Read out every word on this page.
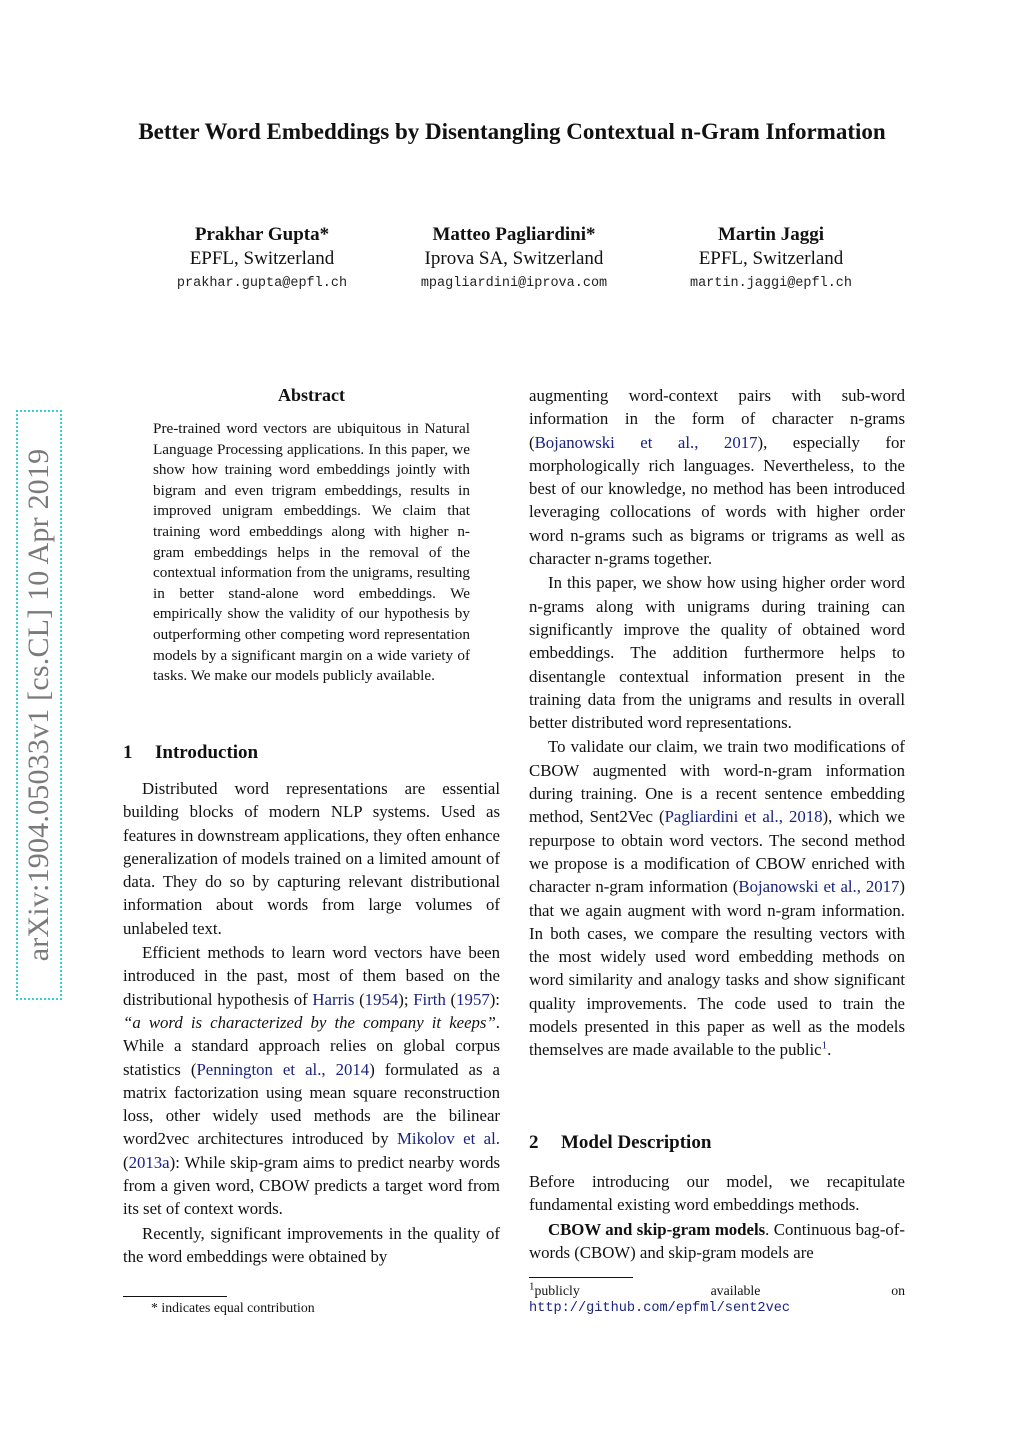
Better Word Embeddings by Disentangling Contextual n-Gram Information
Prakhar Gupta*
EPFL, Switzerland
prakhar.gupta@epfl.ch
Matteo Pagliardini*
Iprova SA, Switzerland
mpagliardini@iprova.com
Martin Jaggi
EPFL, Switzerland
martin.jaggi@epfl.ch
arXiv:1904.05033v1 [cs.CL] 10 Apr 2019
Abstract
Pre-trained word vectors are ubiquitous in Natural Language Processing applications. In this paper, we show how training word embeddings jointly with bigram and even trigram embeddings, results in improved unigram embeddings. We claim that training word embeddings along with higher n-gram embeddings helps in the removal of the contextual information from the unigrams, resulting in better stand-alone word embeddings. We empirically show the validity of our hypothesis by outperforming other competing word representation models by a significant margin on a wide variety of tasks. We make our models publicly available.
1 Introduction

Distributed word representations are essential building blocks of modern NLP systems. Used as features in downstream applications, they often enhance generalization of models trained on a limited amount of data. They do so by capturing relevant distributional information about words from large volumes of unlabeled text.

Efficient methods to learn word vectors have been introduced in the past, most of them based on the distributional hypothesis of Harris (1954); Firth (1957): “a word is characterized by the company it keeps”. While a standard approach relies on global corpus statistics (Pennington et al., 2014) formulated as a matrix factorization using mean square reconstruction loss, other widely used methods are the bilinear word2vec architectures introduced by Mikolov et al. (2013a): While skip-gram aims to predict nearby words from a given word, CBOW predicts a target word from its set of context words.

Recently, significant improvements in the quality of the word embeddings were obtained by

* indicates equal contribution

augmenting word-context pairs with sub-word information in the form of character n-grams (Bojanowski et al., 2017), especially for morphologically rich languages. Nevertheless, to the best of our knowledge, no method has been introduced leveraging collocations of words with higher order word n-grams such as bigrams or trigrams as well as character n-grams together.

In this paper, we show how using higher order word n-grams along with unigrams during training can significantly improve the quality of obtained word embeddings. The addition furthermore helps to disentangle contextual information present in the training data from the unigrams and results in overall better distributed word representations.

To validate our claim, we train two modifications of CBOW augmented with word-n-gram information during training. One is a recent sentence embedding method, Sent2Vec (Pagliardini et al., 2018), which we repurpose to obtain word vectors. The second method we propose is a modification of CBOW enriched with character n-gram information (Bojanowski et al., 2017) that we again augment with word n-gram information. In both cases, we compare the resulting vectors with the most widely used word embedding methods on word similarity and analogy tasks and show significant quality improvements. The code used to train the models presented in this paper as well as the models themselves are made available to the public$^1$.

2 Model Description

Before introducing our model, we recapitulate fundamental existing word embeddings methods.

CBOW and skip-gram models. Continuous bag-of-words (CBOW) and skip-gram models are

$^1$publicly	available	on
http://github.com/epfml/sent2vec
